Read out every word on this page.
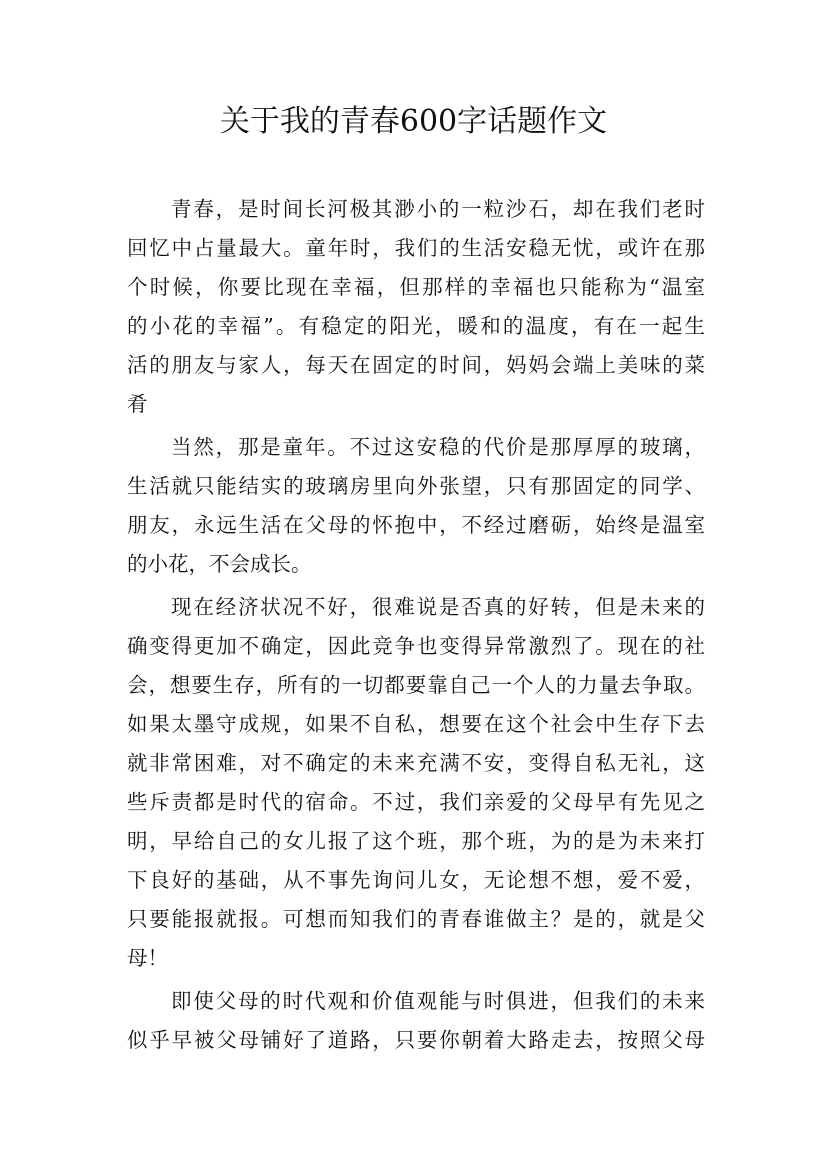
关于我的青春600字话题作文
青春，是时间长河极其渺小的一粒沙石，却在我们老时
回忆中占量最大。童年时，我们的生活安稳无忧，或许在那
个时候，你要比现在幸福，但那样的幸福也只能称为“温室
的小花的幸福”。有稳定的阳光，暖和的温度，有在一起生
活的朋友与家人，每天在固定的时间，妈妈会端上美味的菜
肴
当然，那是童年。不过这安稳的代价是那厚厚的玻璃，
生活就只能结实的玻璃房里向外张望，只有那固定的同学、
朋友，永远生活在父母的怀抱中，不经过磨砺，始终是温室
的小花，不会成长。
现在经济状况不好，很难说是否真的好转，但是未来的
确变得更加不确定，因此竞争也变得异常激烈了。现在的社
会，想要生存，所有的一切都要靠自己一个人的力量去争取。
如果太墨守成规，如果不自私，想要在这个社会中生存下去
就非常困难，对不确定的未来充满不安，变得自私无礼，这
些斥责都是时代的宿命。不过，我们亲爱的父母早有先见之
明，早给自己的女儿报了这个班，那个班，为的是为未来打
下良好的基础，从不事先询问儿女，无论想不想，爱不爱，
只要能报就报。可想而知我们的青春谁做主？是的，就是父
母！
即使父母的时代观和价值观能与时俱进，但我们的未来
似乎早被父母铺好了道路，只要你朝着大路走去，按照父母
